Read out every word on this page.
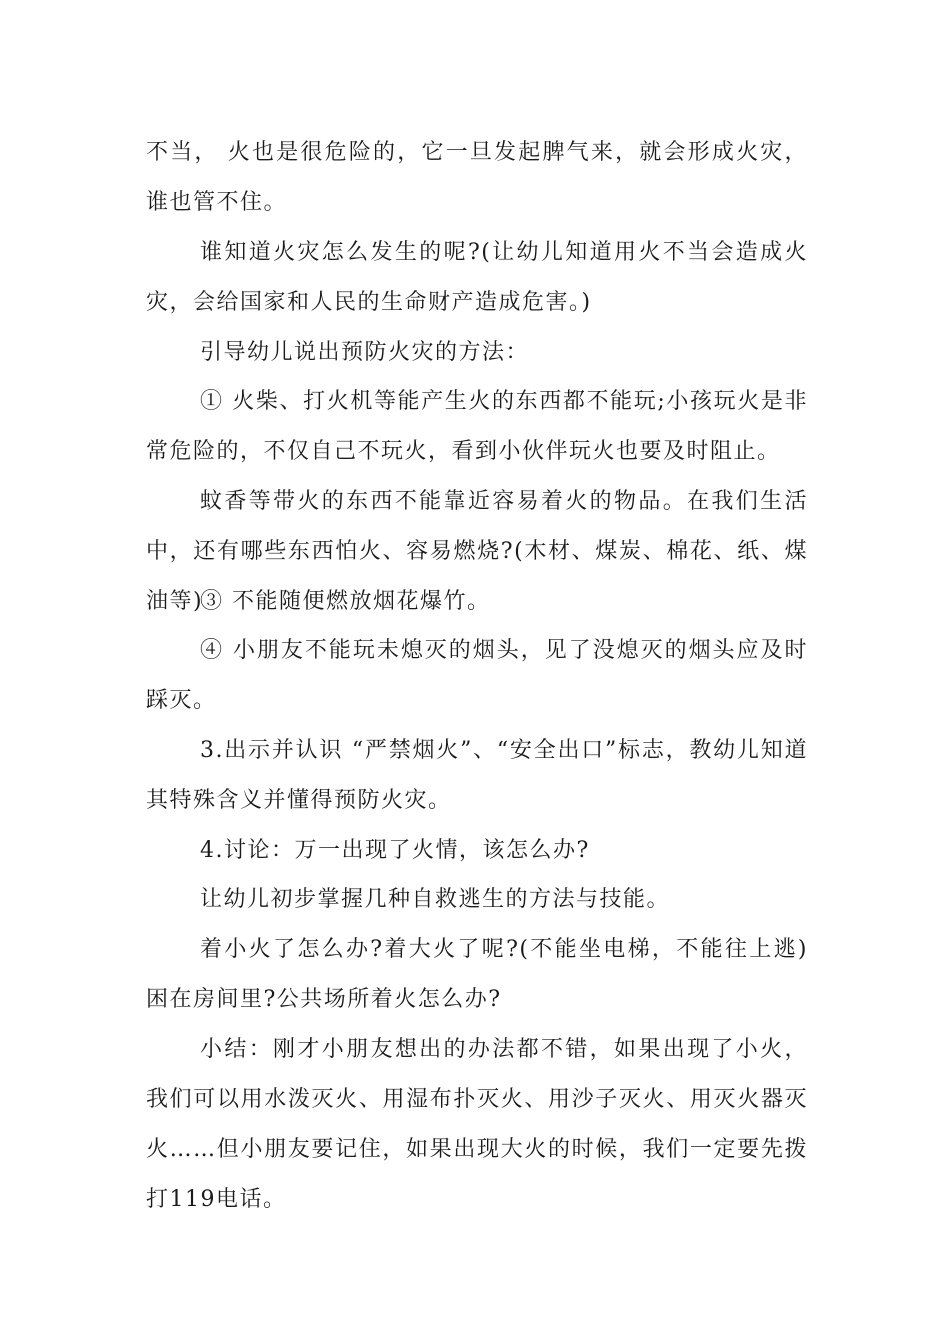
不当， 火也是很危险的，它一旦发起脾气来，就会形成火灾，谁也管不住。

谁知道火灾怎么发生的呢?(让幼儿知道用火不当会造成火灾，会给国家和人民的生命财产造成危害。)

引导幼儿说出预防火灾的方法：

① 火柴、打火机等能产生火的东西都不能玩;小孩玩火是非常危险的，不仅自己不玩火，看到小伙伴玩火也要及时阻止。

蚊香等带火的东西不能靠近容易着火的物品。在我们生活中，还有哪些东西怕火、容易燃烧?(木材、煤炭、棉花、纸、煤油等)

③ 不能随便燃放烟花爆竹。

④ 小朋友不能玩未熄灭的烟头，见了没熄灭的烟头应及时踩灭。

3.出示并认识 “严禁烟火”、“安全出口”标志，教幼儿知道其特殊含义并懂得预防火灾。

4.讨论：万一出现了火情，该怎么办?

让幼儿初步掌握几种自救逃生的方法与技能。

着小火了怎么办?着大火了呢?(不能坐电梯，不能往上逃)困在房间里?公共场所着火怎么办?

小结：刚才小朋友想出的办法都不错，如果出现了小火，我们可以用水泼灭火、用湿布扑灭火、用沙子灭火、用灭火器灭火……但小朋友要记住，如果出现大火的时候，我们一定要先拨打119电话。
